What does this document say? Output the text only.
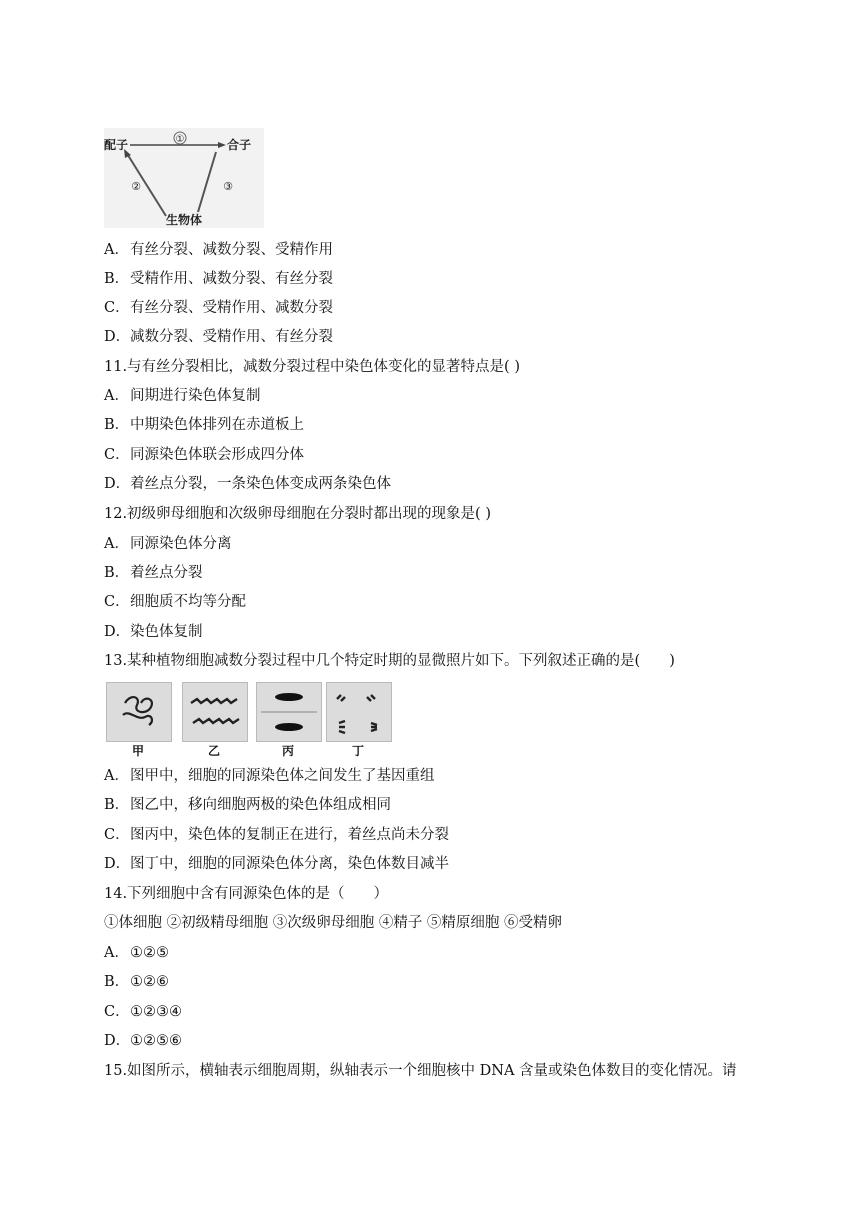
①
②	③
配子	合子
生物体
A．有丝分裂、减数分裂、受精作用
B．受精作用、减数分裂、有丝分裂
C．有丝分裂、受精作用、减数分裂
D．减数分裂、受精作用、有丝分裂
11.与有丝分裂相比，减数分裂过程中染色体变化的显著特点是( )
A．间期进行染色体复制
B．中期染色体排列在赤道板上
C．同源染色体联会形成四分体
D．着丝点分裂，一条染色体变成两条染色体
12.初级卵母细胞和次级卵母细胞在分裂时都出现的现象是( )
A．同源染色体分离
B．着丝点分裂
C．细胞质不均等分配
D．染色体复制
13.某种植物细胞减数分裂过程中几个特定时期的显微照片如下。下列叙述正确的是(　　)
甲	乙	丙	丁
A．图甲中，细胞的同源染色体之间发生了基因重组
B．图乙中，移向细胞两极的染色体组成相同
C．图丙中，染色体的复制正在进行，着丝点尚未分裂
D．图丁中，细胞的同源染色体分离，染色体数目减半
14.下列细胞中含有同源染色体的是（　　）
①体细胞 ②初级精母细胞 ③次级卵母细胞 ④精子 ⑤精原细胞 ⑥受精卵
A．①②⑤
B．①②⑥
C．①②③④
D．①②⑤⑥
15.如图所示，横轴表示细胞周期，纵轴表示一个细胞核中 DNA 含量或染色体数目的变化情况。请
